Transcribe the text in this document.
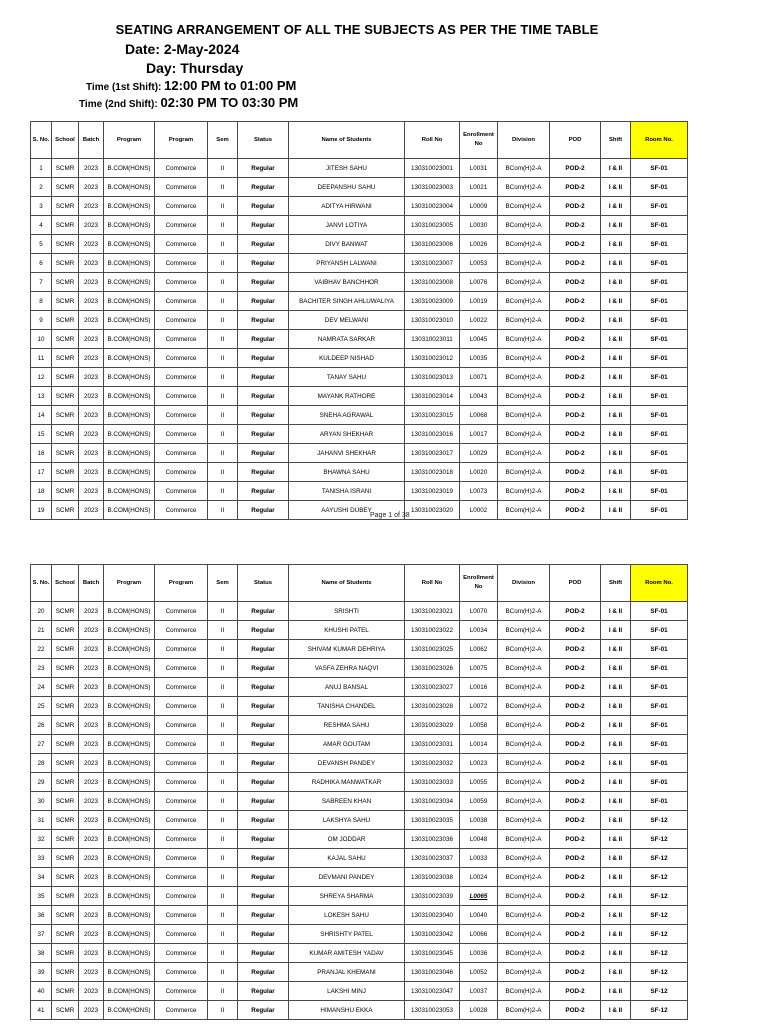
SEATING ARRANGEMENT OF ALL THE SUBJECTS AS PER THE TIME TABLE
Date: 2-May-2024
Day: Thursday
Time (1st Shift): 12:00 PM to 01:00 PM
Time (2nd Shift): 02:30 PM TO 03:30 PM
S. No.	School	Batch	Program	Program	Sem	Status	Name of Students	Roll No	Enrollment No	Division	POD	Shift	Room No.
1	SCMR	2023	B.COM(HONS)	Commerce	II	Regular	JITESH SAHU	130310023001	L0031	BCom(H)2-A	POD-2	I & II	SF-01
2	SCMR	2023	B.COM(HONS)	Commerce	II	Regular	DEEPANSHU SAHU	130310023003	L0021	BCom(H)2-A	POD-2	I & II	SF-01
3	SCMR	2023	B.COM(HONS)	Commerce	II	Regular	ADITYA HIRWANI	130310023004	L0009	BCom(H)2-A	POD-2	I & II	SF-01
4	SCMR	2023	B.COM(HONS)	Commerce	II	Regular	JANVI LOTIYA	130310023005	L0030	BCom(H)2-A	POD-2	I & II	SF-01
5	SCMR	2023	B.COM(HONS)	Commerce	II	Regular	DIVY BANWAT	130310023006	L0026	BCom(H)2-A	POD-2	I & II	SF-01
6	SCMR	2023	B.COM(HONS)	Commerce	II	Regular	PRIYANSH LALWANI	130310023007	L0053	BCom(H)2-A	POD-2	I & II	SF-01
7	SCMR	2023	B.COM(HONS)	Commerce	II	Regular	VAIBHAV BANCHHOR	130310023008	L0076	BCom(H)2-A	POD-2	I & II	SF-01
8	SCMR	2023	B.COM(HONS)	Commerce	II	Regular	BACHITER SINGH AHLUWALIYA	130310023009	L0019	BCom(H)2-A	POD-2	I & II	SF-01
9	SCMR	2023	B.COM(HONS)	Commerce	II	Regular	DEV MELWANI	130310023010	L0022	BCom(H)2-A	POD-2	I & II	SF-01
10	SCMR	2023	B.COM(HONS)	Commerce	II	Regular	NAMRATA SARKAR	130310023011	L0045	BCom(H)2-A	POD-2	I & II	SF-01
11	SCMR	2023	B.COM(HONS)	Commerce	II	Regular	KULDEEP NISHAD	130310023012	L0035	BCom(H)2-A	POD-2	I & II	SF-01
12	SCMR	2023	B.COM(HONS)	Commerce	II	Regular	TANAY SAHU	130310023013	L0071	BCom(H)2-A	POD-2	I & II	SF-01
13	SCMR	2023	B.COM(HONS)	Commerce	II	Regular	MAYANK RATHORE	130310023014	L0043	BCom(H)2-A	POD-2	I & II	SF-01
14	SCMR	2023	B.COM(HONS)	Commerce	II	Regular	SNEHA AGRAWAL	130310023015	L0068	BCom(H)2-A	POD-2	I & II	SF-01
15	SCMR	2023	B.COM(HONS)	Commerce	II	Regular	ARYAN SHEKHAR	130310023016	L0017	BCom(H)2-A	POD-2	I & II	SF-01
16	SCMR	2023	B.COM(HONS)	Commerce	II	Regular	JAHANVI SHEKHAR	130310023017	L0029	BCom(H)2-A	POD-2	I & II	SF-01
17	SCMR	2023	B.COM(HONS)	Commerce	II	Regular	BHAWNA SAHU	130310023018	L0020	BCom(H)2-A	POD-2	I & II	SF-01
18	SCMR	2023	B.COM(HONS)	Commerce	II	Regular	TANISHA ISRANI	130310023019	L0073	BCom(H)2-A	POD-2	I & II	SF-01
19	SCMR	2023	B.COM(HONS)	Commerce	II	Regular	AAYUSHI DUBEY	130310023020	L0002	BCom(H)2-A	POD-2	I & II	SF-01
Page 1 of 38
S. No.	School	Batch	Program	Program	Sem	Status	Name of Students	Roll No	Enrollment No	Division	POD	Shift	Room No.
20	SCMR	2023	B.COM(HONS)	Commerce	II	Regular	SRISHTI	130310023021	L0070	BCom(H)2-A	POD-2	I & II	SF-01
21	SCMR	2023	B.COM(HONS)	Commerce	II	Regular	KHUSHI PATEL	130310023022	L0034	BCom(H)2-A	POD-2	I & II	SF-01
22	SCMR	2023	B.COM(HONS)	Commerce	II	Regular	SHIVAM KUMAR DEHRIYA	130310023025	L0062	BCom(H)2-A	POD-2	I & II	SF-01
23	SCMR	2023	B.COM(HONS)	Commerce	II	Regular	VASFA ZEHRA NAQVI	130310023026	L0075	BCom(H)2-A	POD-2	I & II	SF-01
24	SCMR	2023	B.COM(HONS)	Commerce	II	Regular	ANUJ BANSAL	130310023027	L0016	BCom(H)2-A	POD-2	I & II	SF-01
25	SCMR	2023	B.COM(HONS)	Commerce	II	Regular	TANISHA CHANDEL	130310023028	L0072	BCom(H)2-A	POD-2	I & II	SF-01
26	SCMR	2023	B.COM(HONS)	Commerce	II	Regular	RESHMA SAHU	130310023029	L0058	BCom(H)2-A	POD-2	I & II	SF-01
27	SCMR	2023	B.COM(HONS)	Commerce	II	Regular	AMAR GOUTAM	130310023031	L0014	BCom(H)2-A	POD-2	I & II	SF-01
28	SCMR	2023	B.COM(HONS)	Commerce	II	Regular	DEVANSH PANDEY	130310023032	L0023	BCom(H)2-A	POD-2	I & II	SF-01
29	SCMR	2023	B.COM(HONS)	Commerce	II	Regular	RADHIKA MANWATKAR	130310023033	L0055	BCom(H)2-A	POD-2	I & II	SF-01
30	SCMR	2023	B.COM(HONS)	Commerce	II	Regular	SABREEN KHAN	130310023034	L0059	BCom(H)2-A	POD-2	I & II	SF-01
31	SCMR	2023	B.COM(HONS)	Commerce	II	Regular	LAKSHYA SAHU	130310023035	L0038	BCom(H)2-A	POD-2	I & II	SF-12
32	SCMR	2023	B.COM(HONS)	Commerce	II	Regular	OM JODDAR	130310023036	L0048	BCom(H)2-A	POD-2	I & II	SF-12
33	SCMR	2023	B.COM(HONS)	Commerce	II	Regular	KAJAL SAHU	130310023037	L0033	BCom(H)2-A	POD-2	I & II	SF-12
34	SCMR	2023	B.COM(HONS)	Commerce	II	Regular	DEVMANI PANDEY	130310023038	L0024	BCom(H)2-A	POD-2	I & II	SF-12
35	SCMR	2023	B.COM(HONS)	Commerce	II	Regular	SHREYA SHARMA	130310023039	L0065	BCom(H)2-A	POD-2	I & II	SF-12
36	SCMR	2023	B.COM(HONS)	Commerce	II	Regular	LOKESH SAHU	130310023040	L0040	BCom(H)2-A	POD-2	I & II	SF-12
37	SCMR	2023	B.COM(HONS)	Commerce	II	Regular	SHRISHTY PATEL	130310023042	L0066	BCom(H)2-A	POD-2	I & II	SF-12
38	SCMR	2023	B.COM(HONS)	Commerce	II	Regular	KUMAR AMITESH YADAV	130310023045	L0036	BCom(H)2-A	POD-2	I & II	SF-12
39	SCMR	2023	B.COM(HONS)	Commerce	II	Regular	PRANJAL KHEMANI	130310023046	L0052	BCom(H)2-A	POD-2	I & II	SF-12
40	SCMR	2023	B.COM(HONS)	Commerce	II	Regular	LAKSHI MINJ	130310023047	L0037	BCom(H)2-A	POD-2	I & II	SF-12
41	SCMR	2023	B.COM(HONS)	Commerce	II	Regular	HIMANSHU EKKA	130310023053	L0028	BCom(H)2-A	POD-2	I & II	SF-12
